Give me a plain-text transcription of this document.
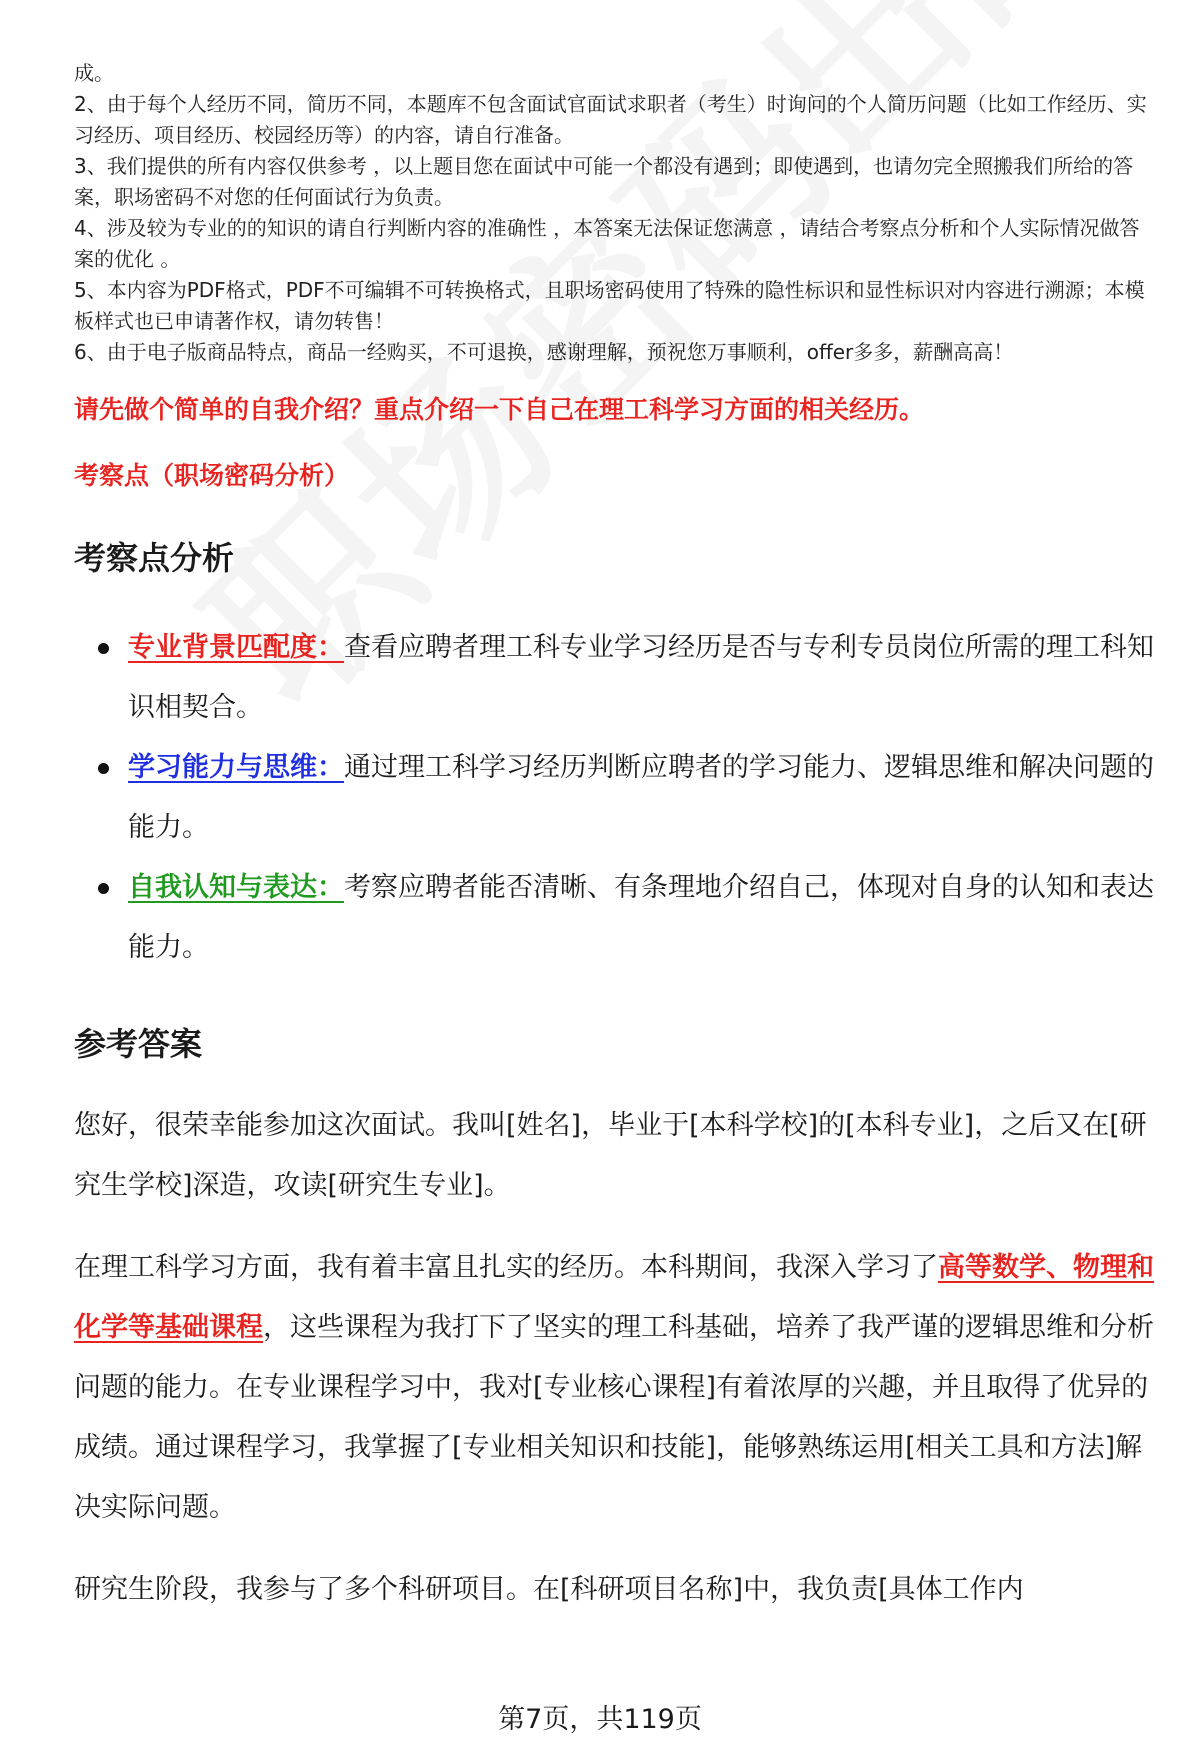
成。

2、由于每个人经历不同，简历不同，本题库不包含面试官面试求职者（考生）时询问的个人简历问题（比如工作经历、实习经历、项目经历、校园经历等）的内容，请自行准备。

3、我们提供的所有内容仅供参考 ，以上题目您在面试中可能一个都没有遇到；即使遇到，也请勿完全照搬我们所给的答案，职场密码不对您的任何面试行为负责。

4、涉及较为专业的的知识的请自行判断内容的准确性 ，本答案无法保证您满意 ，请结合考察点分析和个人实际情况做答案的优化 。

5、本内容为PDF格式，PDF不可编辑不可转换格式，且职场密码使用了特殊的隐性标识和显性标识对内容进行溯源；本模板样式也已申请著作权，请勿转售！

6、由于电子版商品特点，商品一经购买，不可退换，感谢理解，预祝您万事顺利，offer多多，薪酬高高！

请先做个简单的自我介绍？重点介绍一下自己在理工科学习方面的相关经历。
考察点（职场密码分析）
考察点分析
专业背景匹配度：查看应聘者理工科专业学习经历是否与专利专员岗位所需的理工科知识相契合。
学习能力与思维：通过理工科学习经历判断应聘者的学习能力、逻辑思维和解决问题的能力。
自我认知与表达：考察应聘者能否清晰、有条理地介绍自己，体现对自身的认知和表达能力。
参考答案

您好，很荣幸能参加这次面试。我叫[姓名]，毕业于[本科学校]的[本科专业]，之后又在[研究生学校]深造，攻读[研究生专业]。

在理工科学习方面，我有着丰富且扎实的经历。本科期间，我深入学习了高等数学、物理和化学等基础课程，这些课程为我打下了坚实的理工科基础，培养了我严谨的逻辑思维和分析问题的能力。在专业课程学习中，我对[专业核心课程]有着浓厚的兴趣，并且取得了优异的成绩。通过课程学习，我掌握了[专业相关知识和技能]，能够熟练运用[相关工具和方法]解决实际问题。

研究生阶段，我参与了多个科研项目。在[科研项目名称]中，我负责[具体工作内

第7页，共119页
